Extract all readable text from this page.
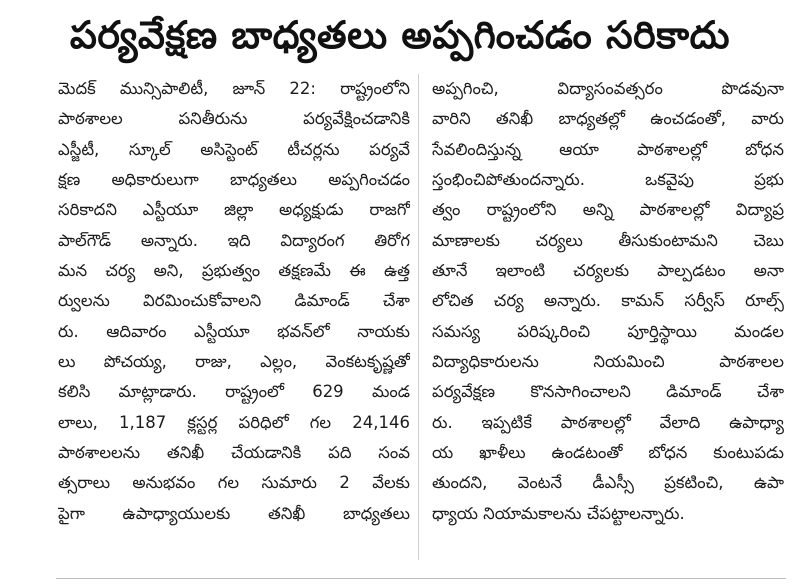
పర్యవేక్షణ బాధ్యతలు అప్పగించడం సరికాదు
మెదక్ మున్సిపాలిటీ, జూన్ 22: రాష్ట్రంలోని
పాఠశాలల పనితీరును పర్యవేక్షించడానికి
ఎస్జీటీ, స్కూల్ అసిస్టెంట్ టీచర్లను పర్యవే
క్షణ అధికారులుగా బాధ్యతలు అప్పగించడం
సరికాదని ఎస్టీయూ జిల్లా అధ్యక్షుడు రాజగో
పాల్‌గౌడ్ అన్నారు. ఇది విద్యారంగ తిరోగ
మన చర్య అని, ప్రభుత్వం తక్షణమే ఈ ఉత్త
ర్వులను విరమించుకోవాలని డిమాండ్ చేశా
రు. ఆదివారం ఎస్టీయూ భవన్‌లో నాయకు
లు పోచయ్య, రాజు, ఎల్లం, వెంకటకృష్ణతో
కలిసి మాట్లాడారు. రాష్ట్రంలో 629 మండ
లాలు, 1,187 క్లస్టర్ల పరిధిలో గల 24,146
పాఠశాలలను తనిఖీ చేయడానికి పది సంవ
త్సరాలు అనుభవం గల సుమారు 2 వేలకు
పైగా ఉపాధ్యాయులకు తనిఖీ బాధ్యతలు
అప్పగించి, విద్యాసంవత్సరం పొడవునా
వారిని తనిఖీ బాధ్యతల్లో ఉంచడంతో, వారు
సేవలిందిస్తున్న ఆయా పాఠశాలల్లో బోధన
స్తంభించిపోతుందన్నారు. ఒకవైపు ప్రభు
త్వం రాష్ట్రంలోని అన్ని పాఠశాలల్లో విద్యాప్ర
మాణాలకు చర్యలు తీసుకుంటామని చెబు
తూనే ఇలాంటి చర్యలకు పాల్పడటం అనా
లోచిత చర్య అన్నారు. కామన్ సర్వీస్ రూల్స్
సమస్య పరిష్కరించి పూర్తిస్థాయి మండల
విద్యాధికారులను నియమించి పాఠశాలల
పర్యవేక్షణ కొనసాగించాలని డిమాండ్ చేశా
రు. ఇప్పటికే పాఠశాలల్లో వేలాది ఉపాధ్యా
య ఖాళీలు ఉండటంతో బోధన కుంటుపడు
తుందని, వెంటనే డీఎస్సీ ప్రకటించి, ఉపా
ధ్యాయ నియామకాలను చేపట్టాలన్నారు.
